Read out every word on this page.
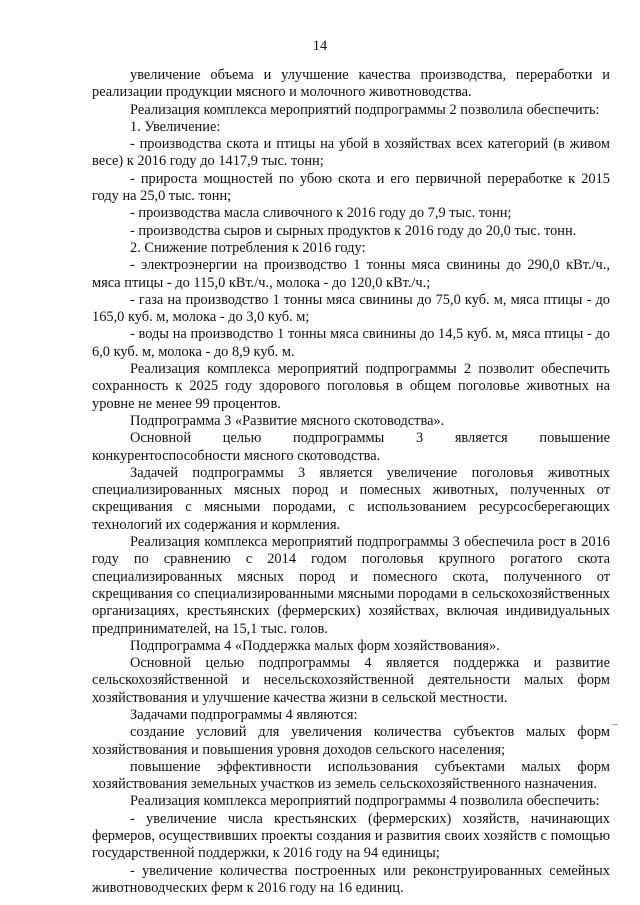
14

увеличение объема и улучшение качества производства, переработки и реализации продукции мясного и молочного животноводства.

Реализация комплекса мероприятий подпрограммы 2 позволила обеспечить:

1. Увеличение:

- производства скота и птицы на убой в хозяйствах всех категорий (в живом весе) к 2016 году до 1417,9 тыс. тонн;

- прироста мощностей по убою скота и его первичной переработке к 2015 году на 25,0 тыс. тонн;

- производства масла сливочного к 2016 году до 7,9 тыс. тонн;

- производства сыров и сырных продуктов к 2016 году до 20,0 тыс. тонн.

2. Снижение потребления к 2016 году:

- электроэнергии на производство 1 тонны мяса свинины до 290,0 кВт./ч., мяса птицы - до 115,0 кВт./ч., молока - до 120,0 кВт./ч.;

- газа на производство 1 тонны мяса свинины до 75,0 куб. м, мяса птицы - до 165,0 куб. м, молока - до 3,0 куб. м;

- воды на производство 1 тонны мяса свинины до 14,5 куб. м, мяса птицы - до 6,0 куб. м, молока - до 8,9 куб. м.

Реализация комплекса мероприятий подпрограммы 2 позволит обеспечить сохранность к 2025 году здорового поголовья в общем поголовье животных на уровне не менее 99 процентов.

Подпрограмма 3 «Развитие мясного скотоводства».

Основной целью подпрограммы 3 является повышение конкурентоспособности мясного скотоводства.

Задачей подпрограммы 3 является увеличение поголовья животных специализированных мясных пород и помесных животных, полученных от скрещивания с мясными породами, с использованием ресурсосберегающих технологий их содержания и кормления.

Реализация комплекса мероприятий подпрограммы 3 обеспечила рост в 2016 году по сравнению с 2014 годом поголовья крупного рогатого скота специализированных мясных пород и помесного скота, полученного от скрещивания со специализированными мясными породами в сельскохозяйственных организациях, крестьянских (фермерских) хозяйствах, включая индивидуальных предпринимателей, на 15,1 тыс. голов.

Подпрограмма 4 «Поддержка малых форм хозяйствования».

Основной целью подпрограммы 4 является поддержка и развитие сельскохозяйственной и несельскохозяйственной деятельности малых форм хозяйствования и улучшение качества жизни в сельской местности.

Задачами подпрограммы 4 являются:

создание условий для увеличения количества субъектов малых форм хозяйствования и повышения уровня доходов сельского населения;

повышение эффективности использования субъектами малых форм хозяйствования земельных участков из земель сельскохозяйственного назначения.

Реализация комплекса мероприятий подпрограммы 4 позволила обеспечить:

- увеличение числа крестьянских (фермерских) хозяйств, начинающих фермеров, осуществивших проекты создания и развития своих хозяйств с помощью государственной поддержки, к 2016 году на 94 единицы;

- увеличение количества построенных или реконструированных семейных животноводческих ферм к 2016 году на 16 единиц.

–
